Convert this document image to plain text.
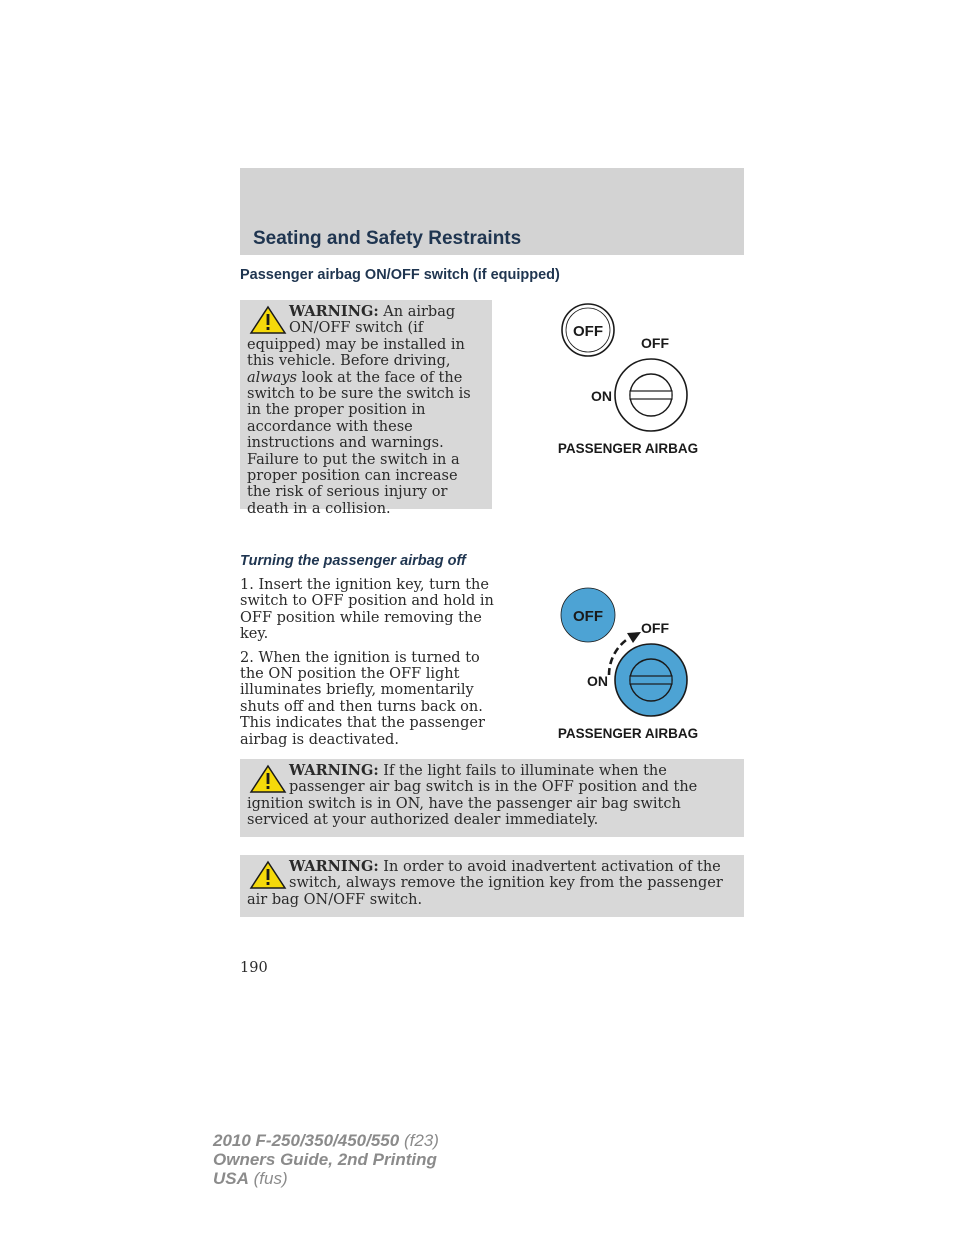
Seating and Safety Restraints
Passenger airbag ON/OFF switch (if equipped)
WARNING: An airbag ON/OFF switch (if equipped) may be installed in this vehicle. Before driving, always look at the face of the switch to be sure the switch is in the proper position in accordance with these instructions and warnings. Failure to put the switch in a proper position can increase the risk of serious injury or death in a collision.
OFF
OFF
ON
PASSENGER AIRBAG
Turning the passenger airbag off

1. Insert the ignition key, turn the switch to OFF position and hold in OFF position while removing the key.

2. When the ignition is turned to the ON position the OFF light illuminates briefly, momentarily shuts off and then turns back on. This indicates that the passenger airbag is deactivated.

OFF
OFF
ON
PASSENGER AIRBAG
WARNING: If the light fails to illuminate when the passenger air bag switch is in the OFF position and the ignition switch is in ON, have the passenger air bag switch serviced at your authorized dealer immediately.
WARNING: In order to avoid inadvertent activation of the switch, always remove the ignition key from the passenger air bag ON/OFF switch.
190
2010 F-250/350/450/550 (f23)
Owners Guide, 2nd Printing
USA (fus)
